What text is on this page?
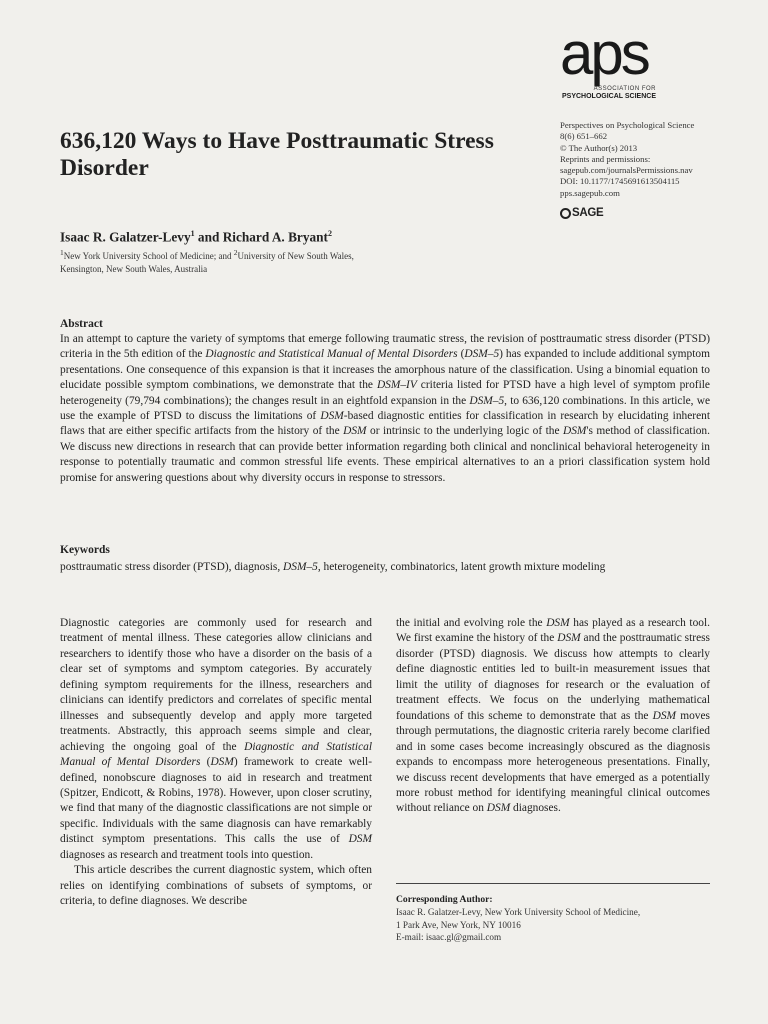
aps
ASSOCIATION FOR
PSYCHOLOGICAL SCIENCE
Perspectives on Psychological Science
8(6) 651–662
© The Author(s) 2013
Reprints and permissions:
sagepub.com/journalsPermissions.nav
DOI: 10.1177/1745691613504115
pps.sagepub.com
SAGE
636,120 Ways to Have Posttraumatic Stress Disorder
Isaac R. Galatzer-Levy$^1$ and Richard A. Bryant$^2$
$^1$New York University School of Medicine; and $^2$University of New South Wales, Kensington, New South Wales, Australia
Abstract
In an attempt to capture the variety of symptoms that emerge following traumatic stress, the revision of posttraumatic stress disorder (PTSD) criteria in the 5th edition of the Diagnostic and Statistical Manual of Mental Disorders (DSM–5) has expanded to include additional symptom presentations. One consequence of this expansion is that it increases the amorphous nature of the classification. Using a binomial equation to elucidate possible symptom combinations, we demonstrate that the DSM–IV criteria listed for PTSD have a high level of symptom profile heterogeneity (79,794 combinations); the changes result in an eightfold expansion in the DSM–5, to 636,120 combinations. In this article, we use the example of PTSD to discuss the limitations of DSM-based diagnostic entities for classification in research by elucidating inherent flaws that are either specific artifacts from the history of the DSM or intrinsic to the underlying logic of the DSM's method of classification. We discuss new directions in research that can provide better information regarding both clinical and nonclinical behavioral heterogeneity in response to potentially traumatic and common stressful life events. These empirical alternatives to an a priori classification system hold promise for answering questions about why diversity occurs in response to stressors.
Keywords
posttraumatic stress disorder (PTSD), diagnosis, DSM–5, heterogeneity, combinatorics, latent growth mixture modeling

Diagnostic categories are commonly used for research and treatment of mental illness. These categories allow clinicians and researchers to identify those who have a disorder on the basis of a clear set of symptoms and symptom categories. By accurately defining symptom requirements for the illness, researchers and clinicians can identify predictors and correlates of specific mental illnesses and subsequently develop and apply more targeted treatments. Abstractly, this approach seems simple and clear, achieving the ongoing goal of the Diagnostic and Statistical Manual of Mental Disorders (DSM) framework to create well-defined, nonobscure diagnoses to aid in research and treatment (Spitzer, Endicott, & Robins, 1978). However, upon closer scrutiny, we find that many of the diagnostic classifications are not simple or specific. Individuals with the same diagnosis can have remarkably distinct symptom presentations. This calls the use of DSM diagnoses as research and treatment tools into question.

This article describes the current diagnostic system, which often relies on identifying combinations of subsets of symptoms, or criteria, to define diagnoses. We describe

the initial and evolving role the DSM has played as a research tool. We first examine the history of the DSM and the posttraumatic stress disorder (PTSD) diagnosis. We discuss how attempts to clearly define diagnostic entities led to built-in measurement issues that limit the utility of diagnoses for research or the evaluation of treatment effects. We focus on the underlying mathematical foundations of this scheme to demonstrate that as the DSM moves through permutations, the diagnostic criteria rarely become clarified and in some cases become increasingly obscured as the diagnosis expands to encompass more heterogeneous presentations. Finally, we discuss recent developments that have emerged as a potentially more robust method for identifying meaningful clinical outcomes without reliance on DSM diagnoses.

Corresponding Author:
Isaac R. Galatzer-Levy, New York University School of Medicine,
1 Park Ave, New York, NY 10016
E-mail: isaac.gl@gmail.com
